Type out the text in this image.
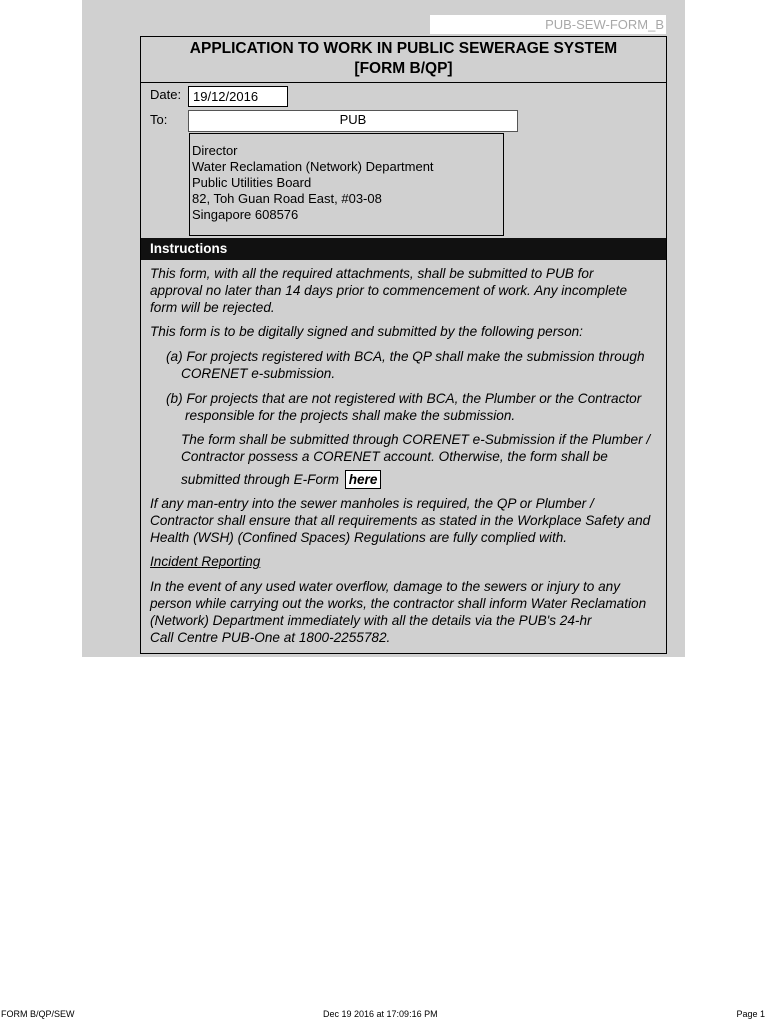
PUB-SEW-FORM_B
APPLICATION TO WORK IN PUBLIC SEWERAGE SYSTEM
[FORM B/QP]
Date: 19/12/2016
To:	PUB
Director
Water Reclamation (Network) Department
Public Utilities Board
82, Toh Guan Road East, #03-08
Singapore 608576
Instructions

This form, with all the required attachments, shall be submitted to PUB for

approval no later than 14 days prior to commencement of work. Any incomplete

form will be rejected.

This form is to be digitally signed and submitted by the following person:

(a) For projects registered with BCA, the QP shall make the submission through

CORENET e-submission.

(b) For projects that are not registered with BCA, the Plumber or the Contractor

responsible for the projects shall make the submission.

The form shall be submitted through CORENET e-Submission if the Plumber /

Contractor possess a CORENET account. Otherwise, the form shall be

submitted through E-Form here

If any man-entry into the sewer manholes is required, the QP or Plumber /

Contractor shall ensure that all requirements as stated in the Workplace Safety and

Health (WSH) (Confined Spaces) Regulations are fully complied with.

Incident Reporting

In the event of any used water overflow, damage to the sewers or injury to any

person while carrying out the works, the contractor shall inform Water Reclamation

(Network) Department immediately with all the details via the PUB's 24-hr

Call Centre PUB-One at 1800-2255782.

FORM B/QP/SEW	Dec 19 2016 at 17:09:16 PM	Page 1
